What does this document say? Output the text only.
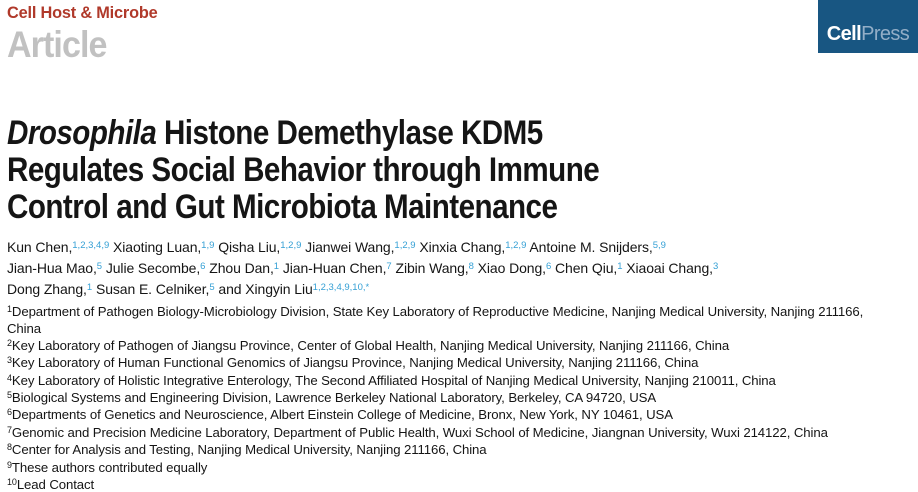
Cell Host & Microbe
Article	CellPress
Drosophila Histone Demethylase KDM5
Regulates Social Behavior through Immune
Control and Gut Microbiota Maintenance
Kun Chen,$^{1,2,3,4,9}$ Xiaoting Luan,$^{1,9}$ Qisha Liu,$^{1,2,9}$ Jianwei Wang,$^{1,2,9}$ Xinxia Chang,$^{1,2,9}$ Antoine M. Snijders,$^{5,9}$
Jian-Hua Mao,$^5$ Julie Secombe,$^6$ Zhou Dan,$^1$ Jian-Huan Chen,$^7$ Zibin Wang,$^8$ Xiao Dong,$^6$ Chen Qiu,$^1$ Xiaoai Chang,$^3$
Dong Zhang,$^1$ Susan E. Celniker,$^5$ and Xingyin Liu$^{1,2,3,4,9,10,*}$
$^1$Department of Pathogen Biology-Microbiology Division, State Key Laboratory of Reproductive Medicine, Nanjing Medical University, Nanjing 211166, China
$^2$Key Laboratory of Pathogen of Jiangsu Province, Center of Global Health, Nanjing Medical University, Nanjing 211166, China
$^3$Key Laboratory of Human Functional Genomics of Jiangsu Province, Nanjing Medical University, Nanjing 211166, China
$^4$Key Laboratory of Holistic Integrative Enterology, The Second Affiliated Hospital of Nanjing Medical University, Nanjing 210011, China
$^5$Biological Systems and Engineering Division, Lawrence Berkeley National Laboratory, Berkeley, CA 94720, USA
$^6$Departments of Genetics and Neuroscience, Albert Einstein College of Medicine, Bronx, New York, NY 10461, USA
$^7$Genomic and Precision Medicine Laboratory, Department of Public Health, Wuxi School of Medicine, Jiangnan University, Wuxi 214122, China
$^8$Center for Analysis and Testing, Nanjing Medical University, Nanjing 211166, China
$^9$These authors contributed equally
$^{10}$Lead Contact
